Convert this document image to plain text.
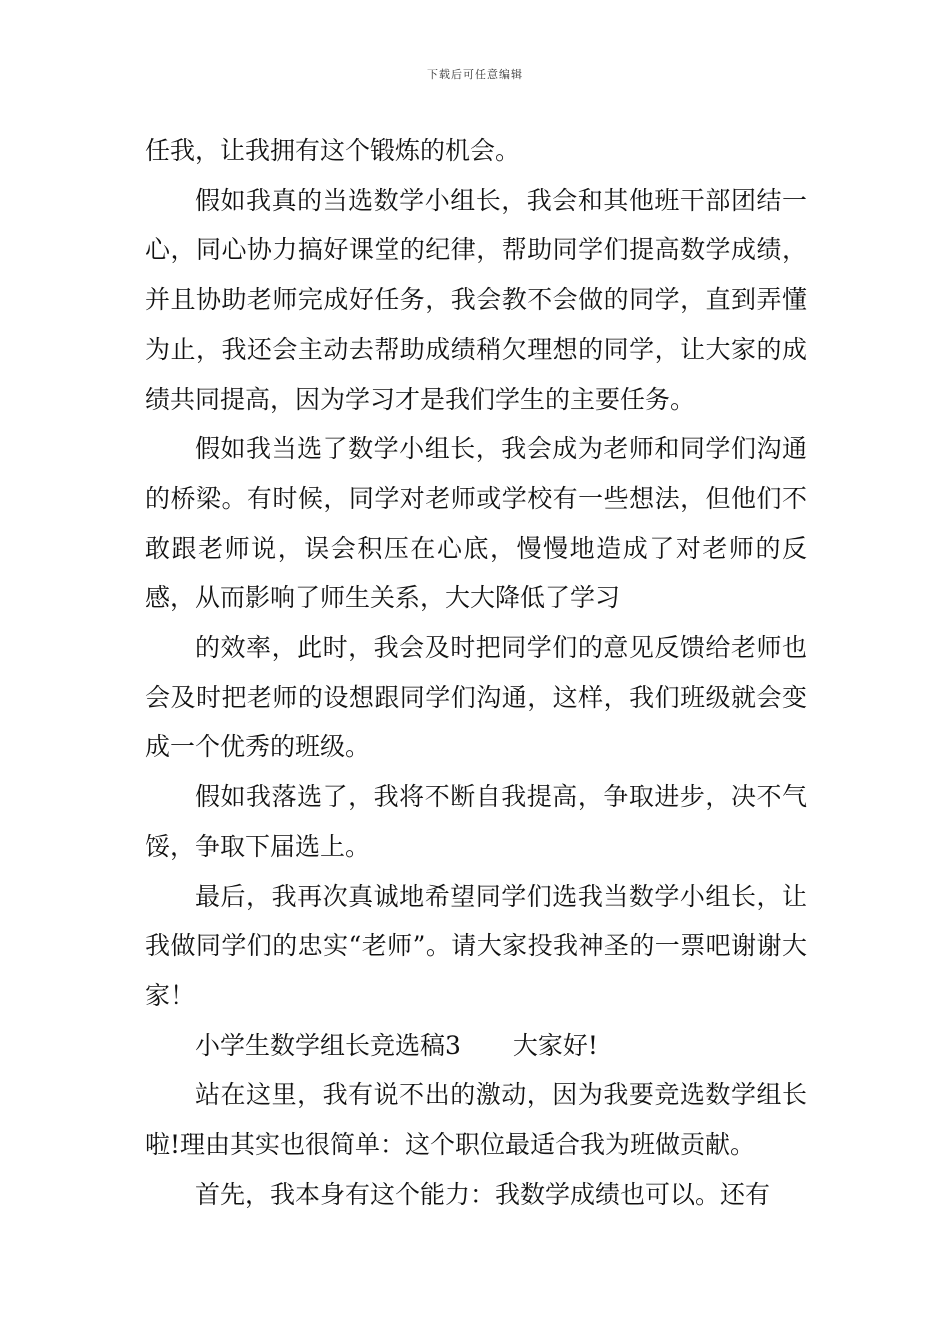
下载后可任意编辑

任我，让我拥有这个锻炼的机会。

假如我真的当选数学小组长，我会和其他班干部团结一心，同心协力搞好课堂的纪律，帮助同学们提高数学成绩，并且协助老师完成好任务，我会教不会做的同学，直到弄懂为止，我还会主动去帮助成绩稍欠理想的同学，让大家的成绩共同提高，因为学习才是我们学生的主要任务。

假如我当选了数学小组长，我会成为老师和同学们沟通的桥梁。有时候，同学对老师或学校有一些想法，但他们不敢跟老师说，误会积压在心底，慢慢地造成了对老师的反感，从而影响了师生关系，大大降低了学习

的效率，此时，我会及时把同学们的意见反馈给老师也会及时把老师的设想跟同学们沟通，这样，我们班级就会变成一个优秀的班级。

假如我落选了，我将不断自我提高，争取进步，决不气馁，争取下届选上。

最后，我再次真诚地希望同学们选我当数学小组长，让我做同学们的忠实“老师”。请大家投我神圣的一票吧谢谢大家！

小学生数学组长竞选稿3 大家好!

站在这里，我有说不出的激动，因为我要竞选数学组长啦!理由其实也很简单：这个职位最适合我为班做贡献。

首先，我本身有这个能力：我数学成绩也可以。还有
